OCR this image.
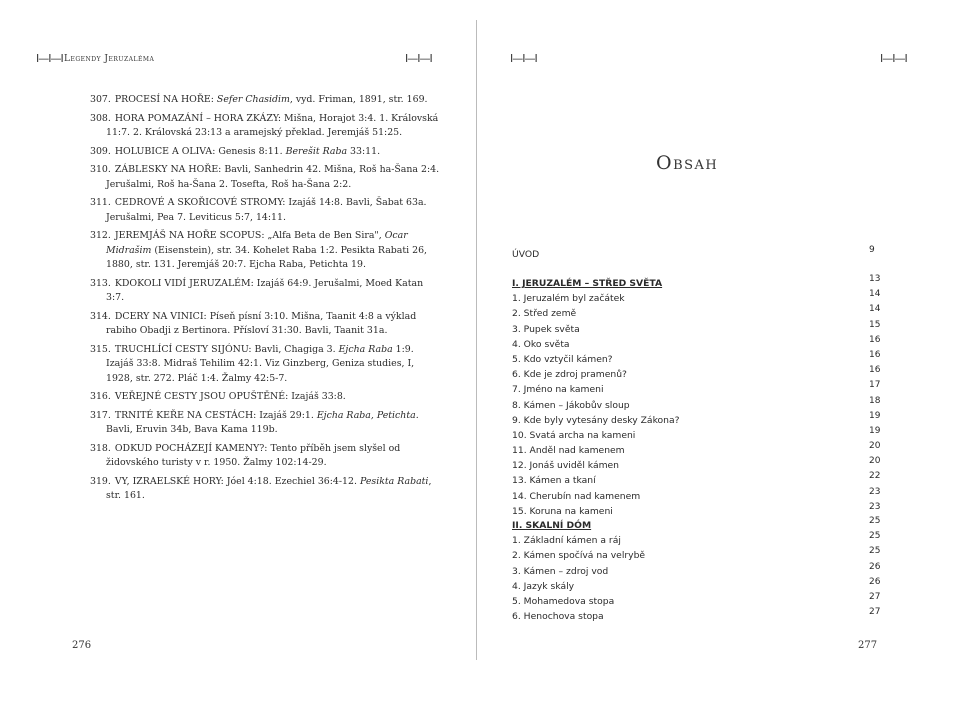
I—I—I Legendy Jeruzaléma	I—I—I

307. PROCESÍ NA HOŘE: Sefer Chasidim, vyd. Friman, 1891, str. 169.

308. HORA POMAZÁNÍ – HORA ZKÁZY: Mišna, Horajot 3:4. 1. Královská 11:7. 2. Královská 23:13 a aramejský překlad. Jeremjáš 51:25.

309. HOLUBICE A OLIVA: Genesis 8:11. Berešit Raba 33:11.

310. ZÁBLESKY NA HOŘE: Bavli, Sanhedrin 42. Mišna, Roš ha-Šana 2:4. Jerušalmi, Roš ha-Šana 2. Tosefta, Roš ha-Šana 2:2.

311. CEDROVÉ A SKOŘICOVÉ STROMY: Izajáš 14:8. Bavli, Šabat 63a. Jerušalmi, Pea 7. Leviticus 5:7, 14:11.

312. JEREMJÁŠ NA HOŘE SCOPUS: „Alfa Beta de Ben Sira", Ocar Midrašim (Eisenstein), str. 34. Kohelet Raba 1:2. Pesikta Rabati 26, 1880, str. 131. Jeremjáš 20:7. Ejcha Raba, Petichta 19.

313. KDOKOLI VIDÍ JERUZALÉM: Izajáš 64:9. Jerušalmi, Moed Katan 3:7.

314. DCERY NA VINICI: Píseň písní 3:10. Mišna, Taanit 4:8 a výklad rabiho Obadji z Bertinora. Přísloví 31:30. Bavli, Taanit 31a.

315. TRUCHLÍCÍ CESTY SIJÓNU: Bavli, Chagiga 3. Ejcha Raba 1:9. Izajáš 33:8. Midraš Tehilim 42:1. Viz Ginzberg, Geniza studies, I, 1928, str. 272. Pláč 1:4. Žalmy 42:5-7.

316. VEŘEJNÉ CESTY JSOU OPUŠTĚNÉ: Izajáš 33:8.

317. TRNITÉ KEŘE NA CESTÁCH: Izajáš 29:1. Ejcha Raba, Petichta. Bavli, Eruvin 34b, Bava Kama 119b.

318. ODKUD POCHÁZEJÍ KAMENY?: Tento příběh jsem slyšel od židovského turisty v r. 1950. Žalmy 102:14-29.

319. VY, IZRAELSKÉ HORY: Jóel 4:18. Ezechiel 36:4-12. Pesikta Rabati, str. 161.

276
I—I—I	I—I—I
Obsah
ÚVOD	9
I. JERUZALÉM – STŘED SVĚTA	13
1. Jeruzalém byl začátek	14
2. Střed země	14
3. Pupek světa	15
4. Oko světa	16
5. Kdo vztyčil kámen?	16
6. Kde je zdroj pramenů?	16
7. Jméno na kameni	17
8. Kámen – Jákobův sloup	18
9. Kde byly vytesány desky Zákona?	19
10. Svatá archa na kameni	19
11. Anděl nad kamenem	20
12. Jonáš uviděl kámen	20
13. Kámen a tkaní	22
14. Cherubín nad kamenem	23
15. Koruna na kameni	23
II. SKALNÍ DÓM	25
1. Základní kámen a ráj	25
2. Kámen spočívá na velrybě	25
3. Kámen – zdroj vod	26
4. Jazyk skály	26
5. Mohamedova stopa	27
6. Henochova stopa	27
277
